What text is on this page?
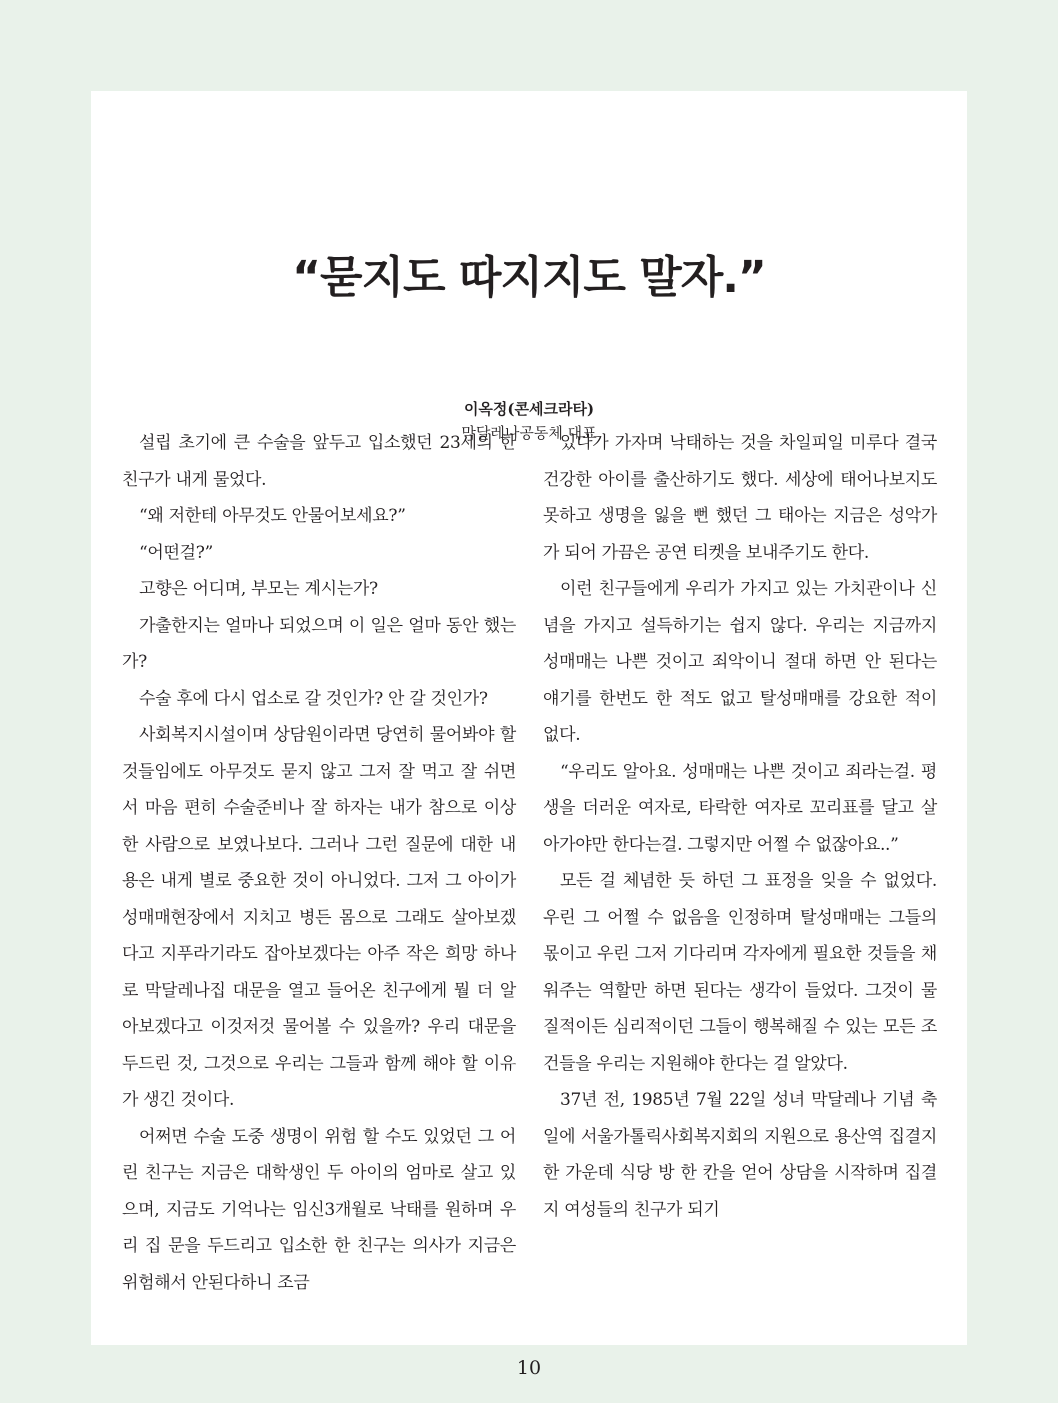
“묻지도 따지지도 말자.”
이옥정(콘세크라타)
막달레나공동체 대표

설립 초기에 큰 수술을 앞두고 입소했던 23세의 한 친구가 내게 물었다.

“왜 저한테 아무것도 안물어보세요?”

“어떤걸?”

고향은 어디며, 부모는 계시는가?

가출한지는 얼마나 되었으며 이 일은 얼마 동안 했는가?

수술 후에 다시 업소로 갈 것인가? 안 갈 것인가?

사회복지시설이며 상담원이라면 당연히 물어봐야 할 것들임에도 아무것도 묻지 않고 그저 잘 먹고 잘 쉬면서 마음 편히 수술준비나 잘 하자는 내가 참으로 이상한 사람으로 보였나보다. 그러나 그런 질문에 대한 내용은 내게 별로 중요한 것이 아니었다. 그저 그 아이가 성매매현장에서 지치고 병든 몸으로 그래도 살아보겠다고 지푸라기라도 잡아보겠다는 아주 작은 희망 하나로 막달레나집 대문을 열고 들어온 친구에게 뭘 더 알아보겠다고 이것저것 물어볼 수 있을까? 우리 대문을 두드린 것, 그것으로 우리는 그들과 함께 해야 할 이유가 생긴 것이다.

어쩌면 수술 도중 생명이 위험 할 수도 있었던 그 어린 친구는 지금은 대학생인 두 아이의 엄마로 살고 있으며, 지금도 기억나는 임신3개월로 낙태를 원하며 우리 집 문을 두드리고 입소한 한 친구는 의사가 지금은 위험해서 안된다하니 조금

있다가 가자며 낙태하는 것을 차일피일 미루다 결국 건강한 아이를 출산하기도 했다. 세상에 태어나보지도 못하고 생명을 잃을 뻔 했던 그 태아는 지금은 성악가가 되어 가끔은 공연 티켓을 보내주기도 한다.

이런 친구들에게 우리가 가지고 있는 가치관이나 신념을 가지고 설득하기는 쉽지 않다. 우리는 지금까지 성매매는 나쁜 것이고 죄악이니 절대 하면 안 된다는 얘기를 한번도 한 적도 없고 탈성매매를 강요한 적이 없다.

“우리도 알아요. 성매매는 나쁜 것이고 죄라는걸. 평생을 더러운 여자로, 타락한 여자로 꼬리표를 달고 살아가야만 한다는걸. 그렇지만 어쩔 수 없잖아요..”

모든 걸 체념한 듯 하던 그 표정을 잊을 수 없었다. 우린 그 어쩔 수 없음을 인정하며 탈성매매는 그들의 몫이고 우린 그저 기다리며 각자에게 필요한 것들을 채워주는 역할만 하면 된다는 생각이 들었다. 그것이 물질적이든 심리적이던 그들이 행복해질 수 있는 모든 조건들을 우리는 지원해야 한다는 걸 알았다.

37년 전, 1985년 7월 22일 성녀 막달레나 기념 축일에 서울가톨릭사회복지회의 지원으로 용산역 집결지 한 가운데 식당 방 한 칸을 얻어 상담을 시작하며 집결지 여성들의 친구가 되기

10
